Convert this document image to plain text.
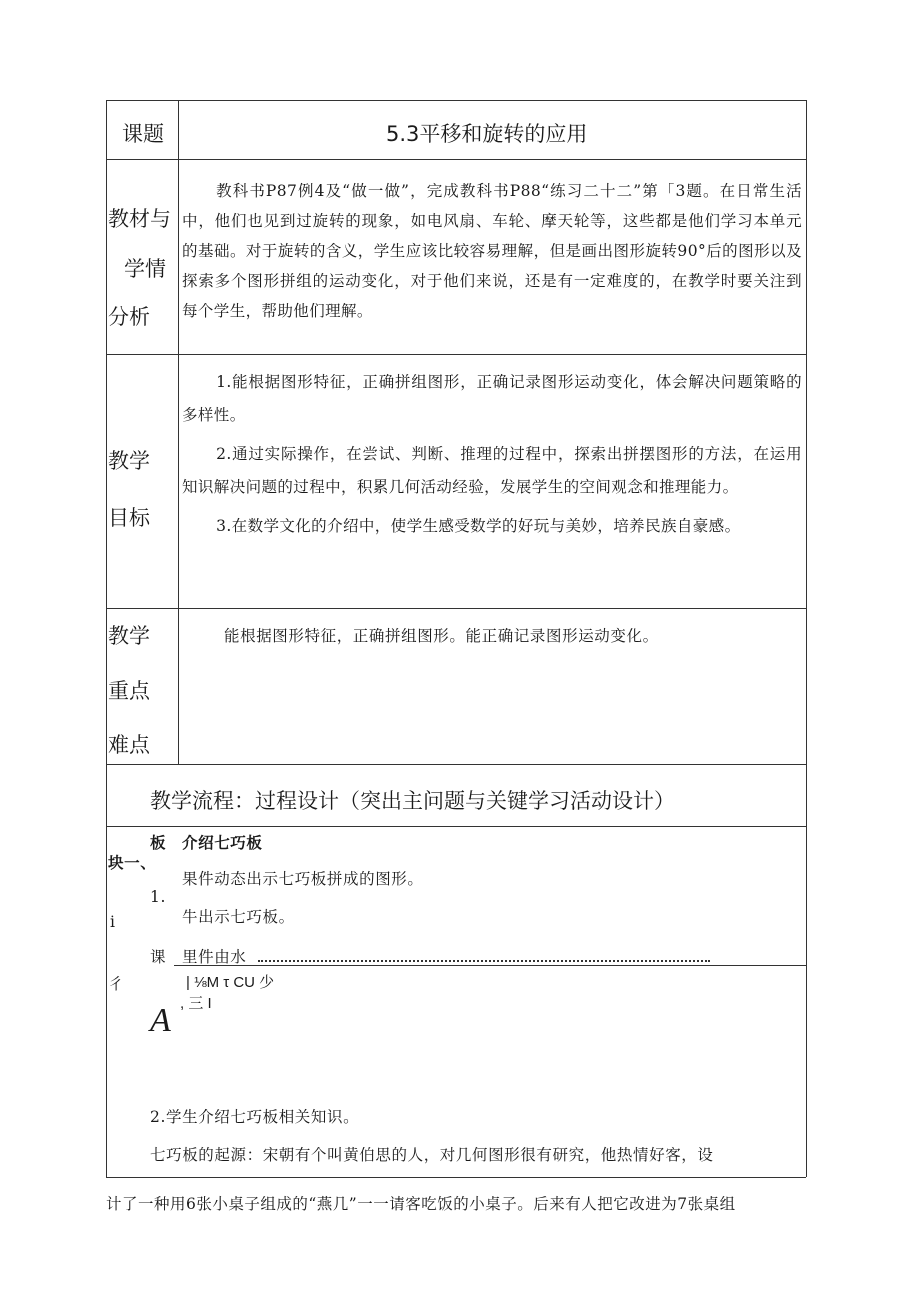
课题	5.3平移和旋转的应用
教材与
学情
分析

教科书P87例4及“做一做”，完成教科书P88“练习二十二”第「3题。在日常生活中，他们也见到过旋转的现象，如电风扇、车轮、摩天轮等，这些都是他们学习本单元的基础。对于旋转的含义，学生应该比较容易理解，但是画出图形旋转90°后的图形以及探索多个图形拼组的运动变化，对于他们来说，还是有一定难度的，在教学时要关注到每个学生，帮助他们理解。

教学
目标

1.能根据图形特征，正确拼组图形，正确记录图形运动变化，体会解决问题策略的多样性。

2.通过实际操作，在尝试、判断、推理的过程中，探索出拼摆图形的方法，在运用知识解决问题的过程中，积累几何活动经验，发展学生的空间观念和推理能力。

3.在数学文化的介绍中，使学生感受数学的好玩与美妙，培养民族自豪感。

教学
重点
难点
能根据图形特征，正确拼组图形。能正确记录图形运动变化。
教学流程：过程设计（突出主问题与关键学习活动设计）
板
块一、
1.
i
课
彳
介绍七巧板
果件动态出示七巧板拼成的图形。
牛出示七巧板。
里件由水
| ⅛M τ CU 少
, 三 I
A
2.学生介绍七巧板相关知识。
七巧板的起源：宋朝有个叫黄伯思的人，对几何图形很有研究，他热情好客，设
计了一种用6张小桌子组成的“燕几”一一请客吃饭的小桌子。后来有人把它改进为7张桌组
